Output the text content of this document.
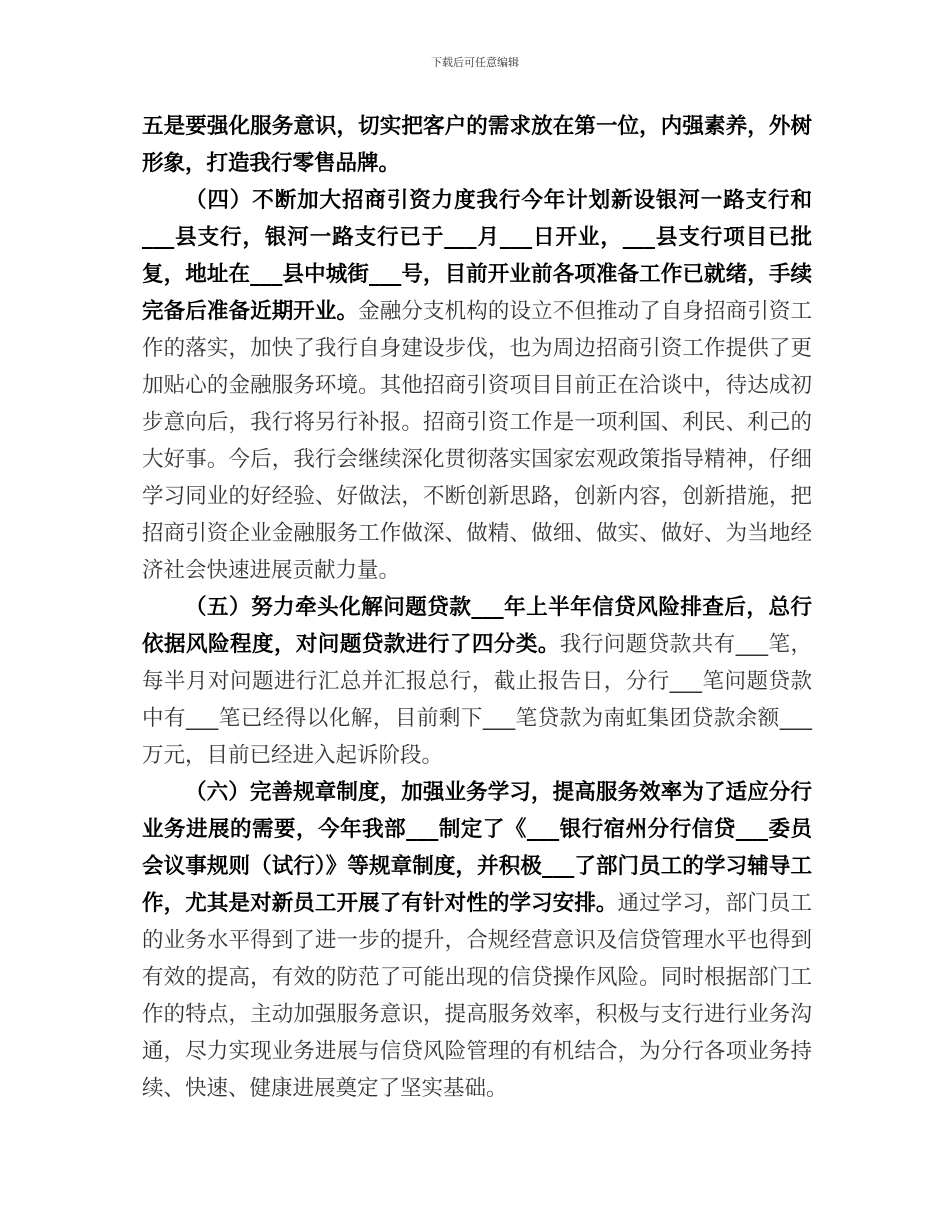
下载后可任意编辑

五是要强化服务意识，切实把客户的需求放在第一位，内强素养，外树形象，打造我行零售品牌。

（四）不断加大招商引资力度我行今年计划新设银河一路支行和___县支行，银河一路支行已于___月___日开业，___县支行项目已批复，地址在___县中城街___号，目前开业前各项准备工作已就绪，手续完备后准备近期开业。金融分支机构的设立不但推动了自身招商引资工作的落实，加快了我行自身建设步伐，也为周边招商引资工作提供了更加贴心的金融服务环境。其他招商引资项目目前正在洽谈中，待达成初步意向后，我行将另行补报。招商引资工作是一项利国、利民、利己的大好事。今后，我行会继续深化贯彻落实国家宏观政策指导精神，仔细学习同业的好经验、好做法，不断创新思路，创新内容，创新措施，把招商引资企业金融服务工作做深、做精、做细、做实、做好、为当地经济社会快速进展贡献力量。

（五）努力牵头化解问题贷款___年上半年信贷风险排查后，总行依据风险程度，对问题贷款进行了四分类。我行问题贷款共有___笔，每半月对问题进行汇总并汇报总行，截止报告日，分行___笔问题贷款中有___笔已经得以化解，目前剩下___笔贷款为南虹集团贷款余额___万元，目前已经进入起诉阶段。

（六）完善规章制度，加强业务学习，提高服务效率为了适应分行业务进展的需要，今年我部___制定了《___银行宿州分行信贷___委员会议事规则（试行）》等规章制度，并积极___了部门员工的学习辅导工作，尤其是对新员工开展了有针对性的学习安排。通过学习，部门员工的业务水平得到了进一步的提升，合规经营意识及信贷管理水平也得到有效的提高，有效的防范了可能出现的信贷操作风险。同时根据部门工作的特点，主动加强服务意识，提高服务效率，积极与支行进行业务沟通，尽力实现业务进展与信贷风险管理的有机结合，为分行各项业务持续、快速、健康进展奠定了坚实基础。
